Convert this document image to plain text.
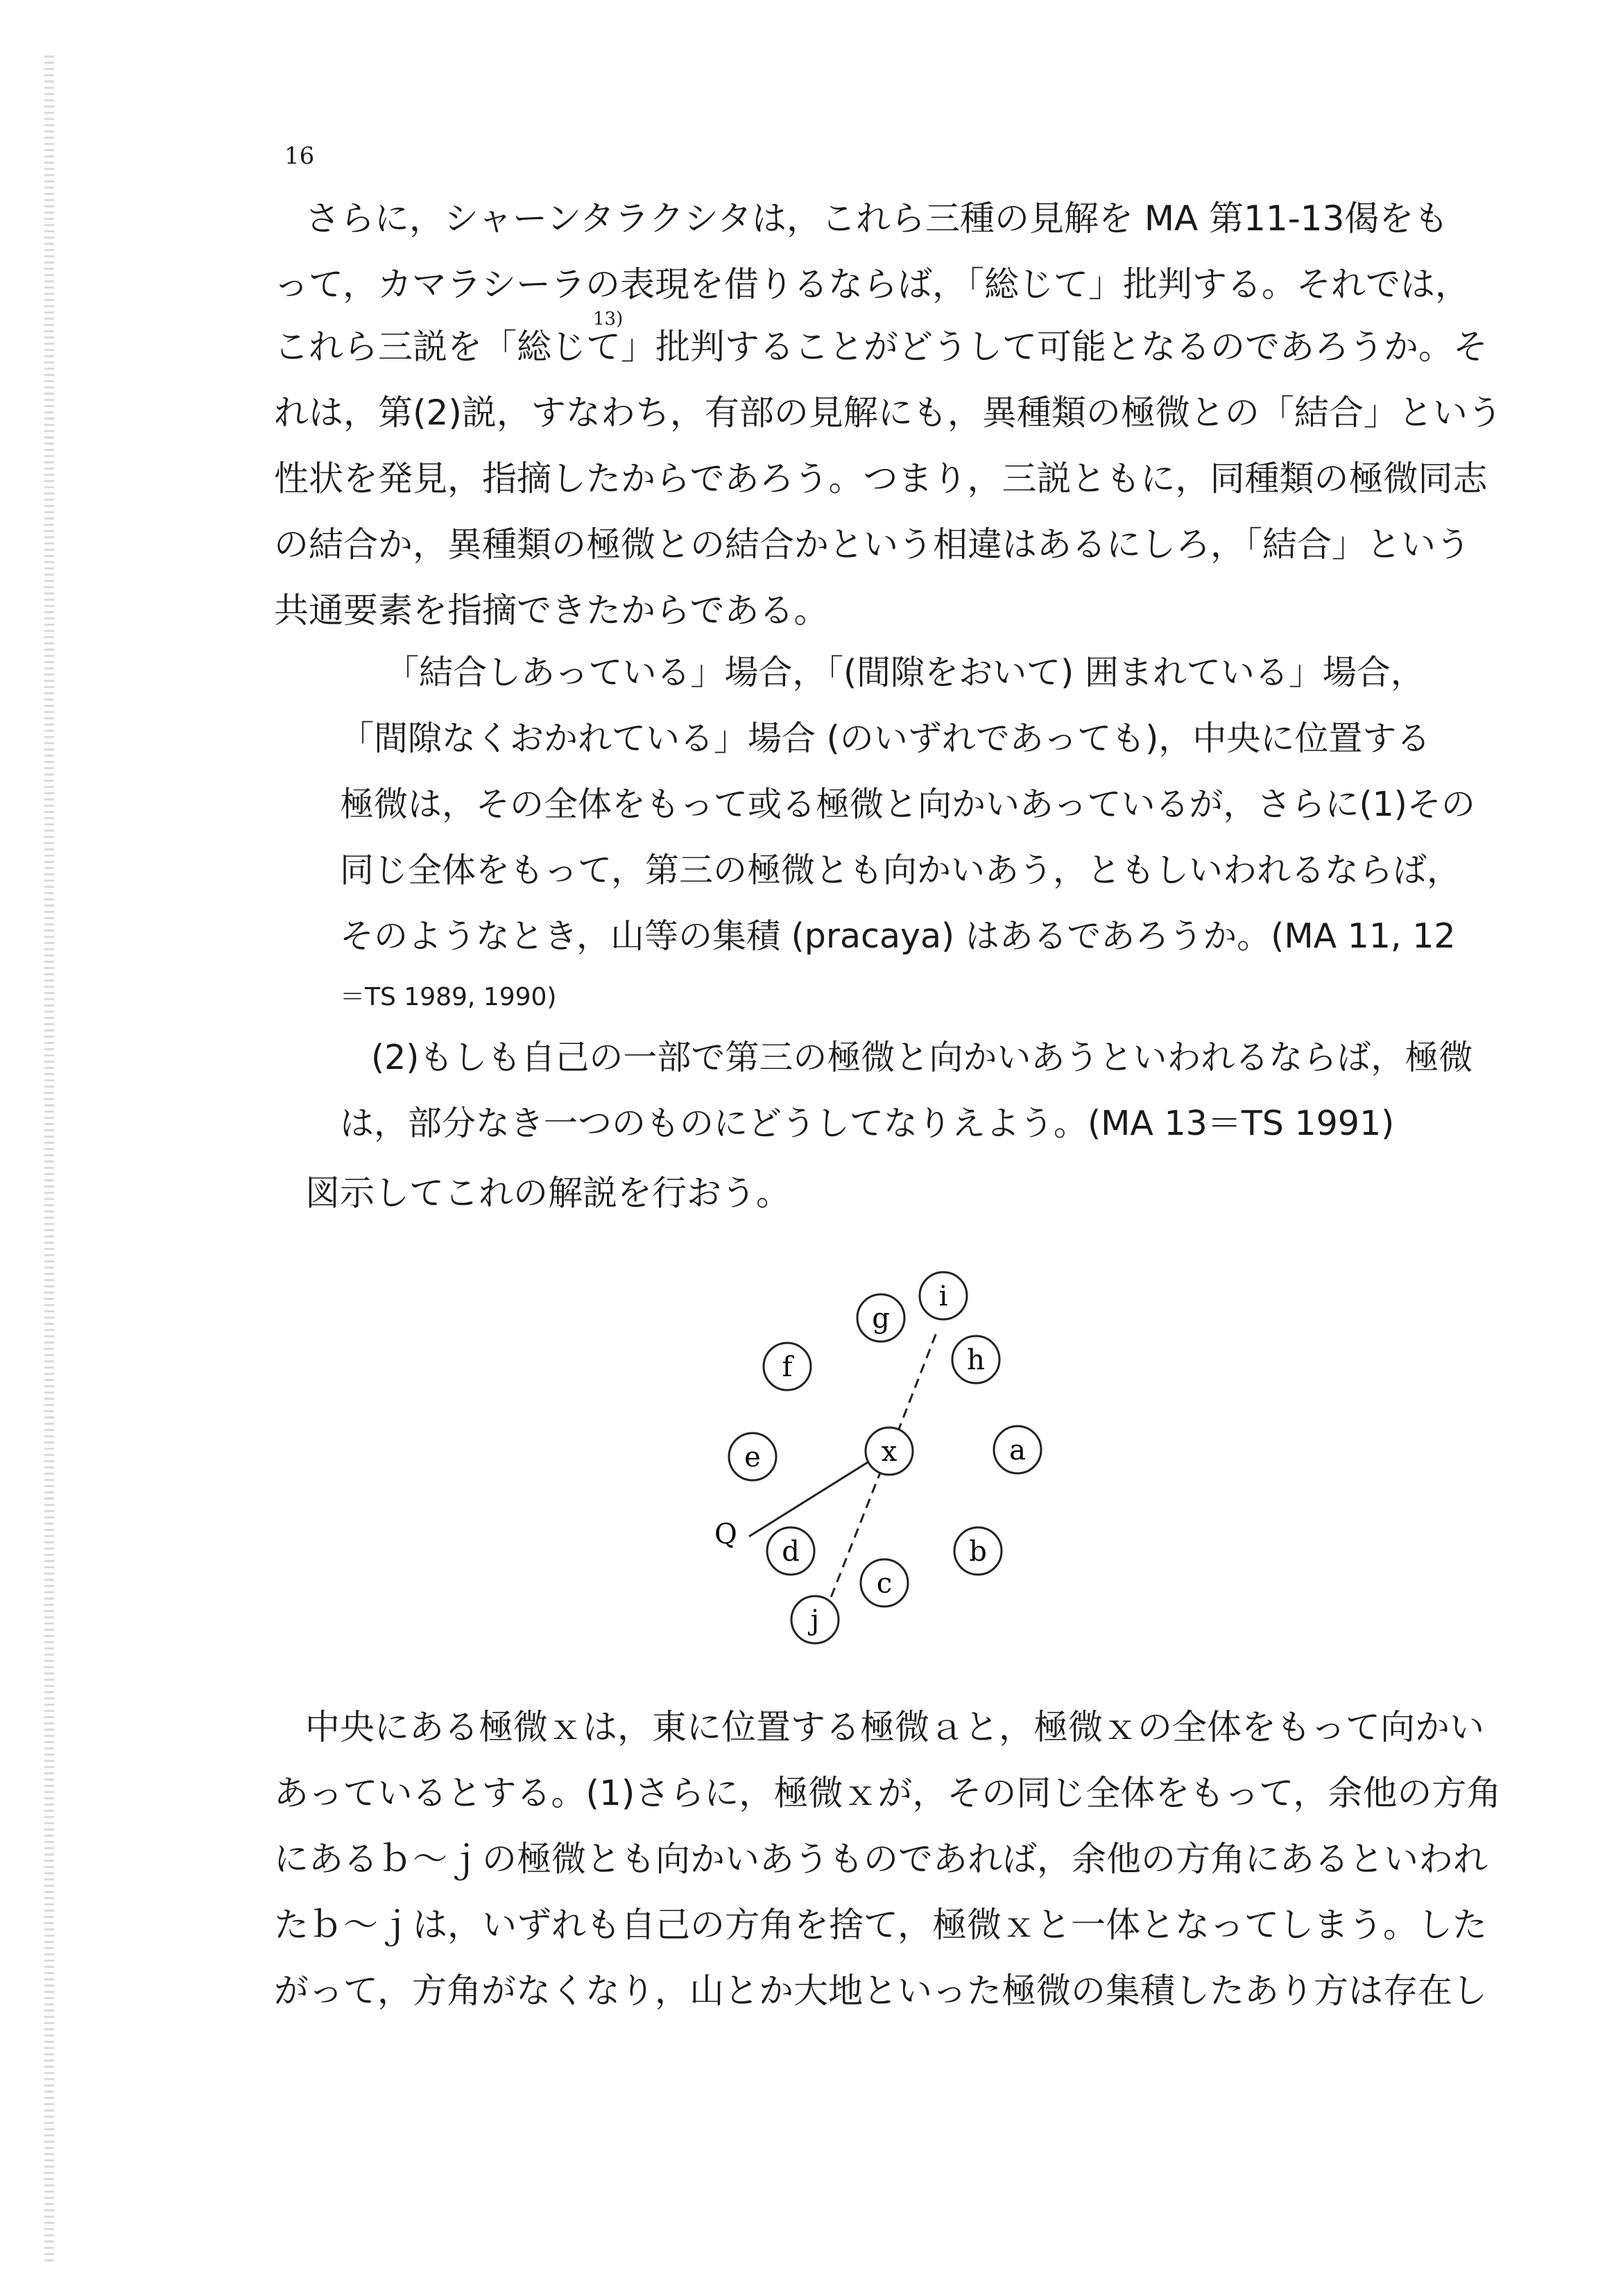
16
さらに，シャーンタラクシタは，これら三種の見解を MA 第11-13偈をも
って，カマラシーラの表現を借りるならば，「総じて」批判する。それでは，
13)
これら三説を「総じて」批判することがどうして可能となるのであろうか。そ
れは，第(2)説，すなわち，有部の見解にも，異種類の極微との「結合」という
性状を発見，指摘したからであろう。つまり，三説ともに，同種類の極微同志
の結合か，異種類の極微との結合かという相違はあるにしろ，「結合」という
共通要素を指摘できたからである。
「結合しあっている」場合，「(間隙をおいて) 囲まれている」場合，
「間隙なくおかれている」場合 (のいずれであっても)，中央に位置する
極微は，その全体をもって或る極微と向かいあっているが，さらに(1)その
同じ全体をもって，第三の極微とも向かいあう，ともしいわれるならば，
そのようなとき，山等の集積 (pracaya) はあるであろうか。(MA 11, 12
＝TS 1989, 1990)
(2)もしも自己の一部で第三の極微と向かいあうといわれるならば，極微
は，部分なき一つのものにどうしてなりえよう。(MA 13＝TS 1991)
図示してこれの解説を行おう。
x	a
b
c
d
e
f
g
h
i
j
Q
中央にある極微ｘは，東に位置する極微ａと，極微ｘの全体をもって向かい
あっているとする。(1)さらに，極微ｘが，その同じ全体をもって，余他の方角
にあるｂ～ｊの極微とも向かいあうものであれば，余他の方角にあるといわれ
たｂ～ｊは，いずれも自己の方角を捨て，極微ｘと一体となってしまう。した
がって，方角がなくなり，山とか大地といった極微の集積したあり方は存在し
